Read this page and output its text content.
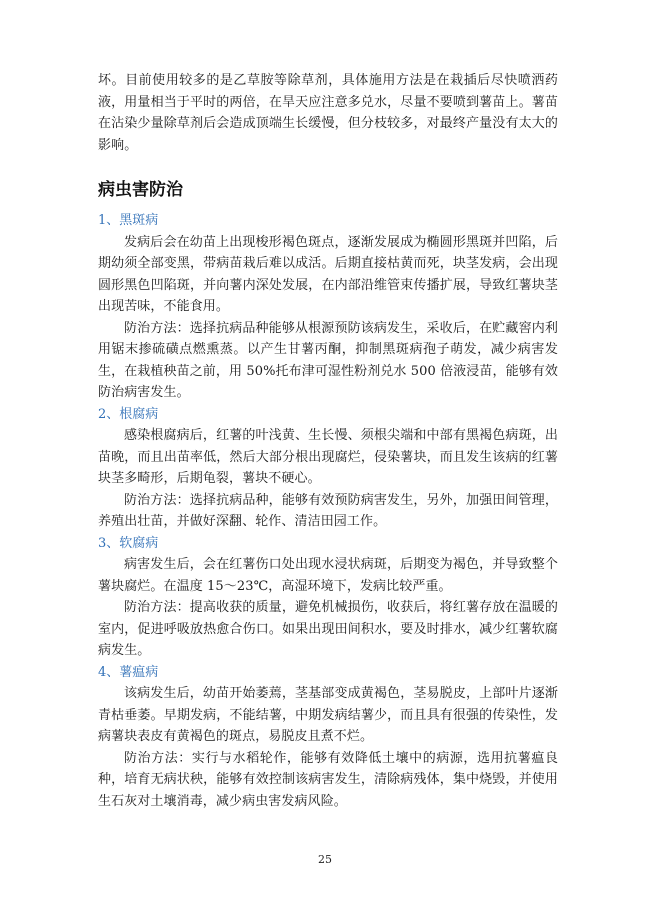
坏。目前使用较多的是乙草胺等除草剂，具体施用方法是在栽插后尽快喷洒药液，用量相当于平时的两倍，在旱天应注意多兑水，尽量不要喷到薯苗上。薯苗在沾染少量除草剂后会造成顶端生长缓慢，但分枝较多，对最终产量没有太大的影响。

病虫害防治
1、黑斑病

发病后会在幼苗上出现梭形褐色斑点，逐渐发展成为椭圆形黑斑并凹陷，后期幼须全部变黑，带病苗栽后难以成活。后期直接枯黄而死，块茎发病，会出现圆形黑色凹陷斑，并向薯内深处发展，在内部沿维管束传播扩展，导致红薯块茎出现苦味，不能食用。

防治方法：选择抗病品种能够从根源预防该病发生，采收后，在贮藏窖内利用锯末掺硫磺点燃熏蒸。以产生甘薯丙酮，抑制黑斑病孢子萌发，减少病害发生，在栽植秧苗之前，用 50%托布津可湿性粉剂兑水 500 倍液浸苗，能够有效防治病害发生。

2、根腐病

感染根腐病后，红薯的叶浅黄、生长慢、须根尖端和中部有黑褐色病斑，出苗晚，而且出苗率低，然后大部分根出现腐烂，侵染薯块，而且发生该病的红薯块茎多畸形，后期龟裂，薯块不硬心。

防治方法：选择抗病品种，能够有效预防病害发生，另外，加强田间管理，养殖出壮苗，并做好深翻、轮作、清洁田园工作。

3、软腐病

病害发生后，会在红薯伤口处出现水浸状病斑，后期变为褐色，并导致整个薯块腐烂。在温度 15～23℃，高湿环境下，发病比较严重。

防治方法：提高收获的质量，避免机械损伤，收获后，将红薯存放在温暖的室内，促进呼吸放热愈合伤口。如果出现田间积水，要及时排水，减少红薯软腐病发生。

4、薯瘟病

该病发生后，幼苗开始萎蔫，茎基部变成黄褐色，茎易脱皮，上部叶片逐渐青枯垂萎。早期发病，不能结薯，中期发病结薯少，而且具有很强的传染性，发病薯块表皮有黄褐色的斑点，易脱皮且煮不烂。

防治方法：实行与水稻轮作，能够有效降低土壤中的病源，选用抗薯瘟良种，培育无病状秧，能够有效控制该病害发生，清除病残体，集中烧毁，并使用生石灰对土壤消毒，减少病虫害发病风险。

25
